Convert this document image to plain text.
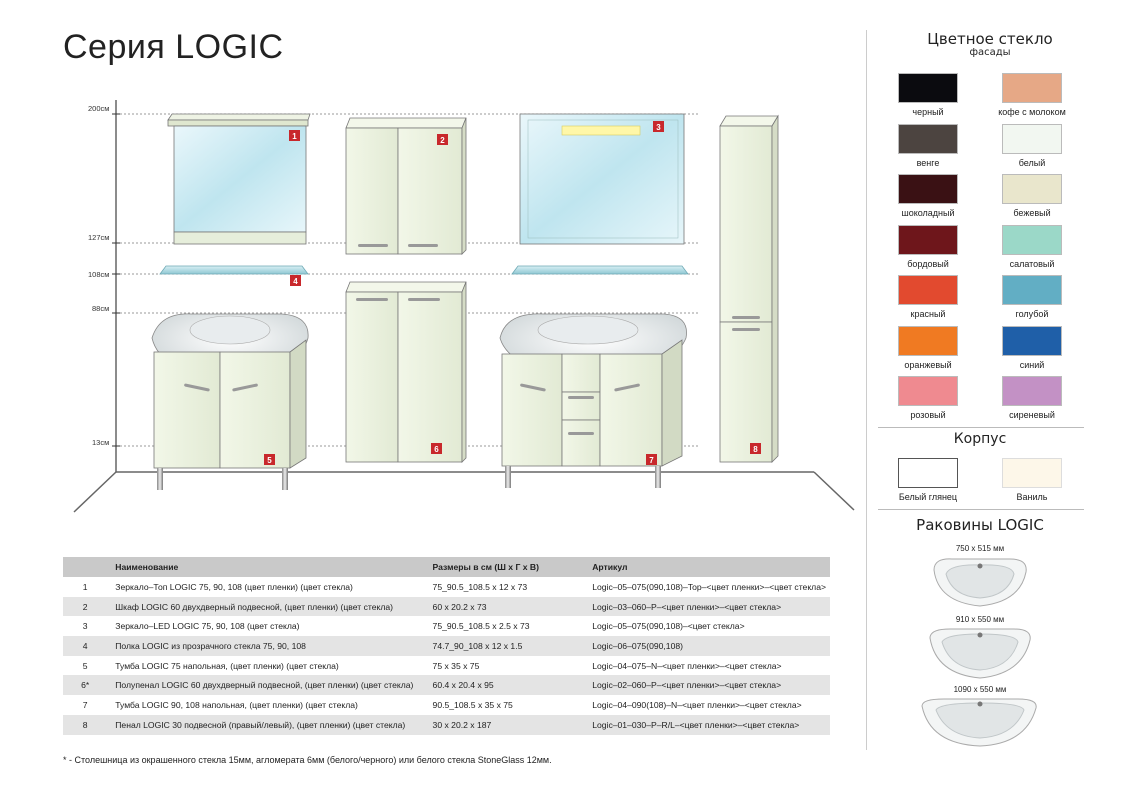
Серия LOGIC
200см
127см
108см
88см
13см
1	2
3
4
5
6
7
8
Цветное стекло
фасады
черный	кофе с молоком
венге	белый
шоколадный	бежевый
бордовый	салатовый
красный	голубой
оранжевый	синий
розовый	сиреневый
Корпус
Белый глянец	Ваниль
Раковины LOGIC
750 x 515 мм
910 x 550 мм
1090 x 550 мм
	Наименование	Размеры в см (Ш x Г x В)	Артикул
1	Зеркало–Топ LOGIC 75, 90, 108 (цвет пленки) (цвет стекла)	75_90.5_108.5 x 12 x 73	Logic–05–075(090,108)–Top–<цвет пленки>–<цвет стекла>
2	Шкаф LOGIC 60 двухдверный подвесной, (цвет пленки) (цвет стекла)	60 x 20.2 x 73	Logic–03–060–P–<цвет пленки>–<цвет стекла>
3	Зеркало–LED LOGIC 75, 90, 108 (цвет стекла)	75_90.5_108.5 x 2.5 x 73	Logic–05–075(090,108)–<цвет стекла>
4	Полка LOGIC из прозрачного стекла 75, 90, 108	74.7_90_108 x 12 x 1.5	Logic–06–075(090,108)
5	Тумба LOGIC 75 напольная, (цвет пленки) (цвет стекла)	75 x 35 x 75	Logic–04–075–N–<цвет пленки>–<цвет стекла>
6*	Полупенал LOGIC 60 двухдверный подвесной, (цвет пленки) (цвет стекла)	60.4 x 20.4 x 95	Logic–02–060–P–<цвет пленки>–<цвет стекла>
7	Тумба LOGIC 90, 108 напольная, (цвет пленки) (цвет стекла)	90.5_108.5 x 35 x 75	Logic–04–090(108)–N–<цвет пленки>–<цвет стекла>
8	Пенал LOGIC 30 подвесной (правый/левый), (цвет пленки) (цвет стекла)	30 x 20.2 x 187	Logic–01–030–P–R/L–<цвет пленки>–<цвет стекла>
* - Столешница из окрашенного стекла 15мм, агломерата 6мм (белого/черного) или белого стекла StoneGlass 12мм.
